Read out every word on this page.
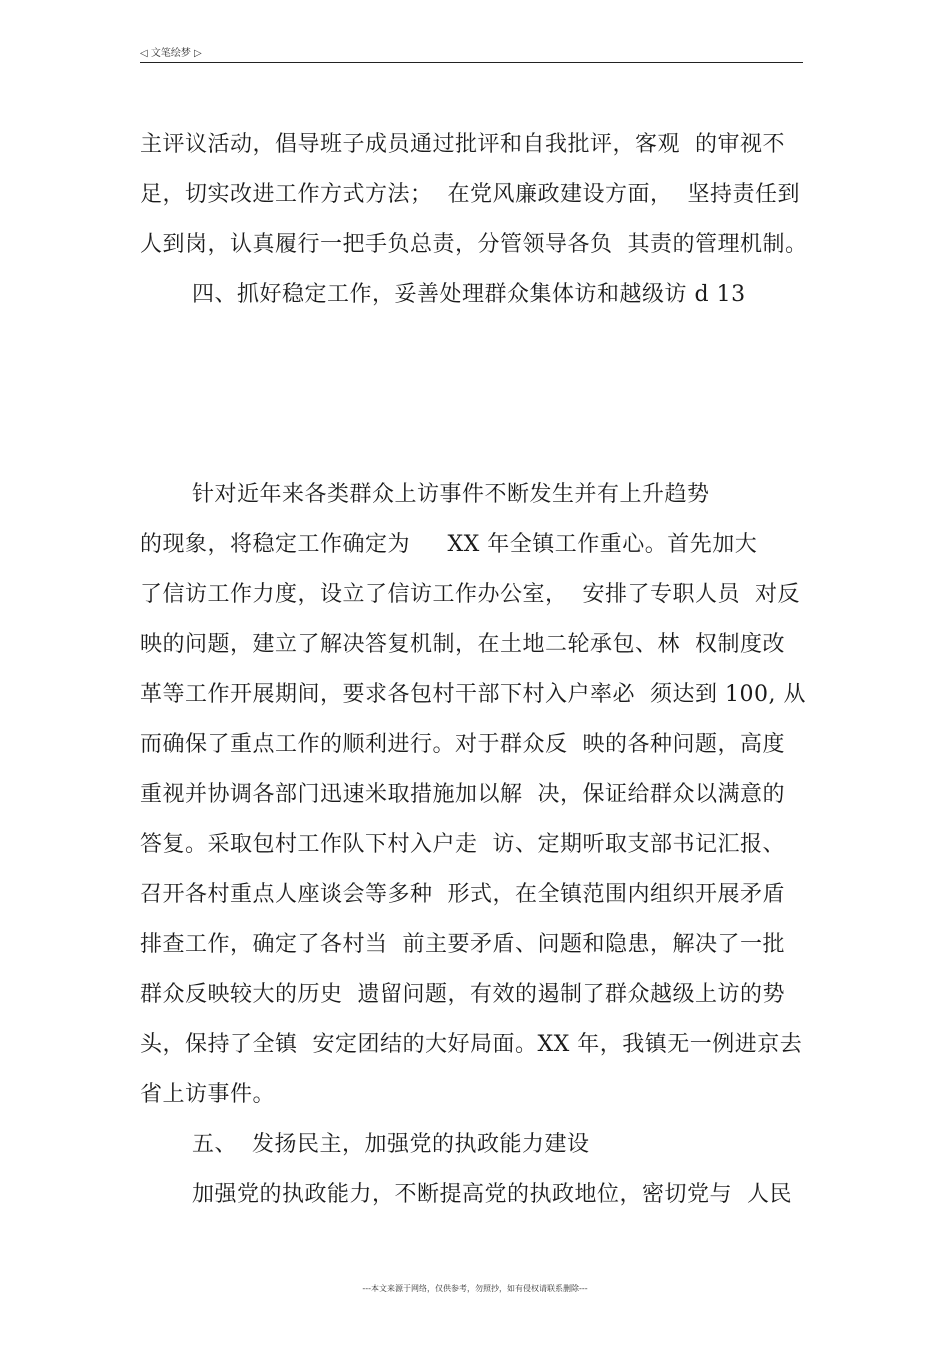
◁ 文笔绘梦 ▷
主评议活动，倡导班子成员通过批评和自我批评，客观  的审视不
足，切实改进工作方式方法；  在党风廉政建设方面，  坚持责任到
人到岗，认真履行一把手负总责，分管领导各负  其责的管理机制。
四、抓好稳定工作，妥善处理群众集体访和越级访 d 13
针对近年来各类群众上访事件不断发生并有上升趋势
的现象，将稳定工作确定为     XX 年全镇工作重心。首先加大
了信访工作力度，设立了信访工作办公室，  安排了专职人员  对反
映的问题，建立了解决答复机制，在土地二轮承包、林  权制度改
革等工作开展期间，要求各包村干部下村入户率必  须达到 100, 从
而确保了重点工作的顺利进行。对于群众反  映的各种问题，高度
重视并协调各部门迅速米取措施加以解  决，保证给群众以满意的
答复。采取包村工作队下村入户走  访、定期听取支部书记汇报、
召开各村重点人座谈会等多种  形式，在全镇范围内组织开展矛盾
排查工作，确定了各村当  前主要矛盾、问题和隐患，解决了一批
群众反映较大的历史  遗留问题，有效的遏制了群众越级上访的势
头，保持了全镇  安定团结的大好局面。XX 年，我镇无一例进京去
省上访事件。
五、  发扬民主，加强党的执政能力建设
加强党的执政能力，不断提高党的执政地位，密切党与  人民
---本文来源于网络，仅供参考，勿照抄，如有侵权请联系删除---
